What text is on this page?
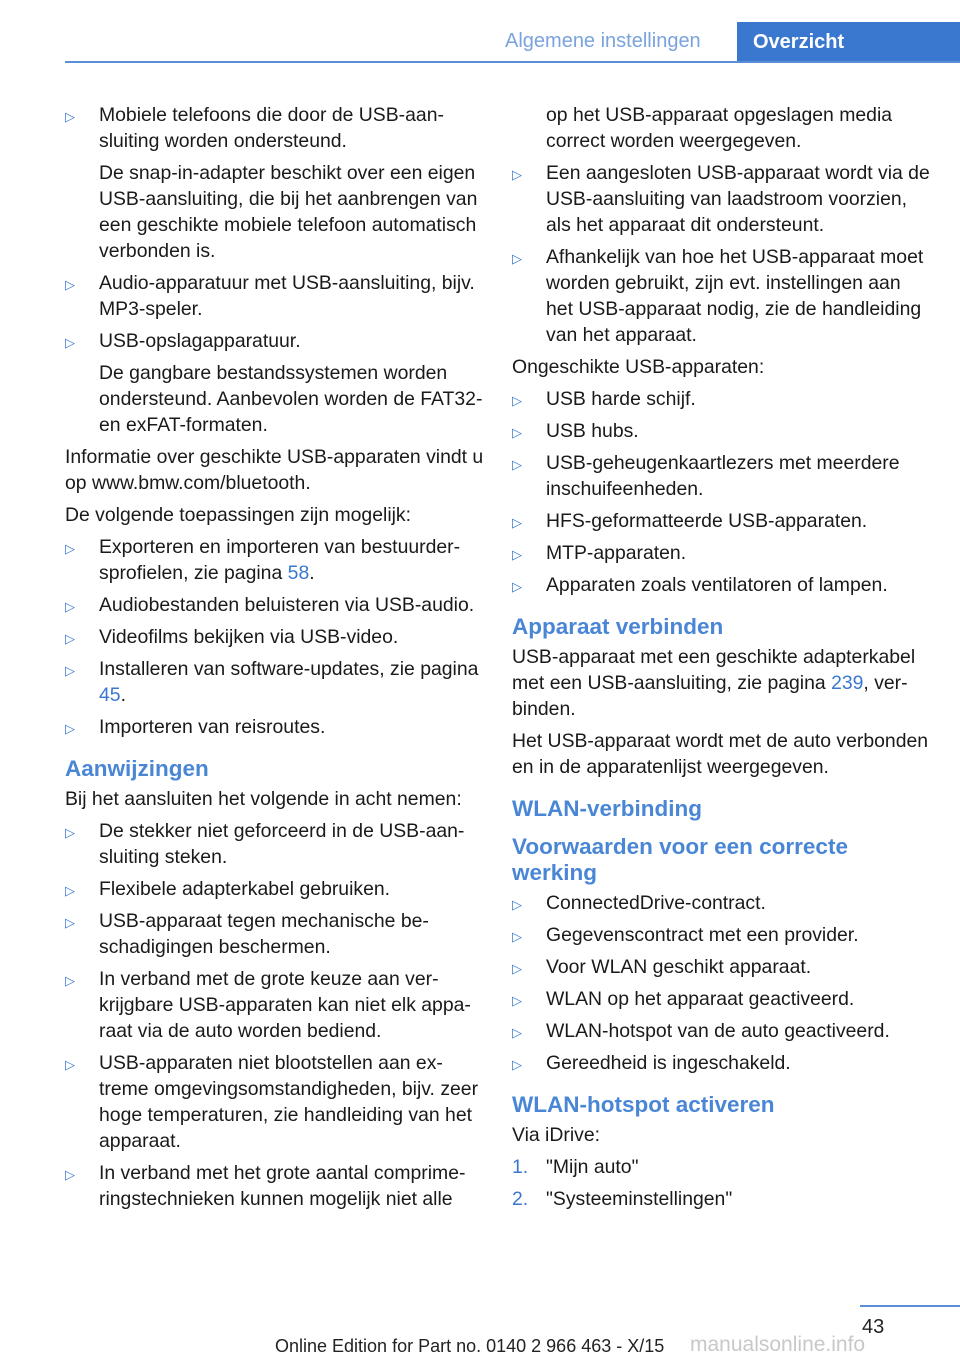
Algemene instellingen	Overzicht
▷ Mobiele telefoons die door de USB-aansluiting worden ondersteund.

De snap-in-adapter beschikt over een eigen USB-aansluiting, die bij het aanbrengen van een geschikte mobiele telefoon automatisch verbonden is.

▷ Audio-apparatuur met USB-aansluiting, bijv. MP3-speler.

▷ USB-opslagapparatuur.

De gangbare bestandssystemen worden ondersteund. Aanbevolen worden de FAT32- en exFAT-formaten.

Informatie over geschikte USB-apparaten vindt u op www.bmw.com/bluetooth.

De volgende toepassingen zijn mogelijk:

▷ Exporteren en importeren van bestuurdersprofielen, zie pagina 58.

▷ Audiobestanden beluisteren via USB-audio.

▷ Videofilms bekijken via USB-video.

▷ Installeren van software-updates, zie pagina 45.

▷ Importeren van reisroutes.

Aanwijzingen

Bij het aansluiten het volgende in acht nemen:

▷ De stekker niet geforceerd in de USB-aansluiting steken.

▷ Flexibele adapterkabel gebruiken.

▷ USB-apparaat tegen mechanische beschadigingen beschermen.

▷ In verband met de grote keuze aan verkrijgbare USB-apparaten kan niet elk apparaat via de auto worden bediend.

▷ USB-apparaten niet blootstellen aan extreme omgevingsomstandigheden, bijv. zeer hoge temperaturen, zie handleiding van het apparaat.

▷ In verband met het grote aantal comprimeringstechnieken kunnen mogelijk niet alle

op het USB-apparaat opgeslagen media correct worden weergegeven.
▷ Een aangesloten USB-apparaat wordt via de USB-aansluiting van laadstroom voorzien, als het apparaat dit ondersteunt.

▷ Afhankelijk van hoe het USB-apparaat moet worden gebruikt, zijn evt. instellingen aan het USB-apparaat nodig, zie de handleiding van het apparaat.

Ongeschikte USB-apparaten:

▷ USB harde schijf.

▷ USB hubs.

▷ USB-geheugenkaartlezers met meerdere inschuifeenheden.

▷ HFS-geformatteerde USB-apparaten.

▷ MTP-apparaten.

▷ Apparaten zoals ventilatoren of lampen.

Apparaat verbinden

USB-apparaat met een geschikte adapterkabel met een USB-aansluiting, zie pagina 239, verbinden.

Het USB-apparaat wordt met de auto verbonden en in de apparatenlijst weergegeven.

WLAN-verbinding
Voorwaarden voor een correcte werking
▷ ConnectedDrive-contract.

▷ Gegevenscontract met een provider.

▷ Voor WLAN geschikt apparaat.

▷ WLAN op het apparaat geactiveerd.

▷ WLAN-hotspot van de auto geactiveerd.

▷ Gereedheid is ingeschakeld.

WLAN-hotspot activeren

Via iDrive:

1. "Mijn auto"

2. "Systeeminstellingen"

43
Online Edition for Part no. 0140 2 966 463 - X/15 manualsonline.info
